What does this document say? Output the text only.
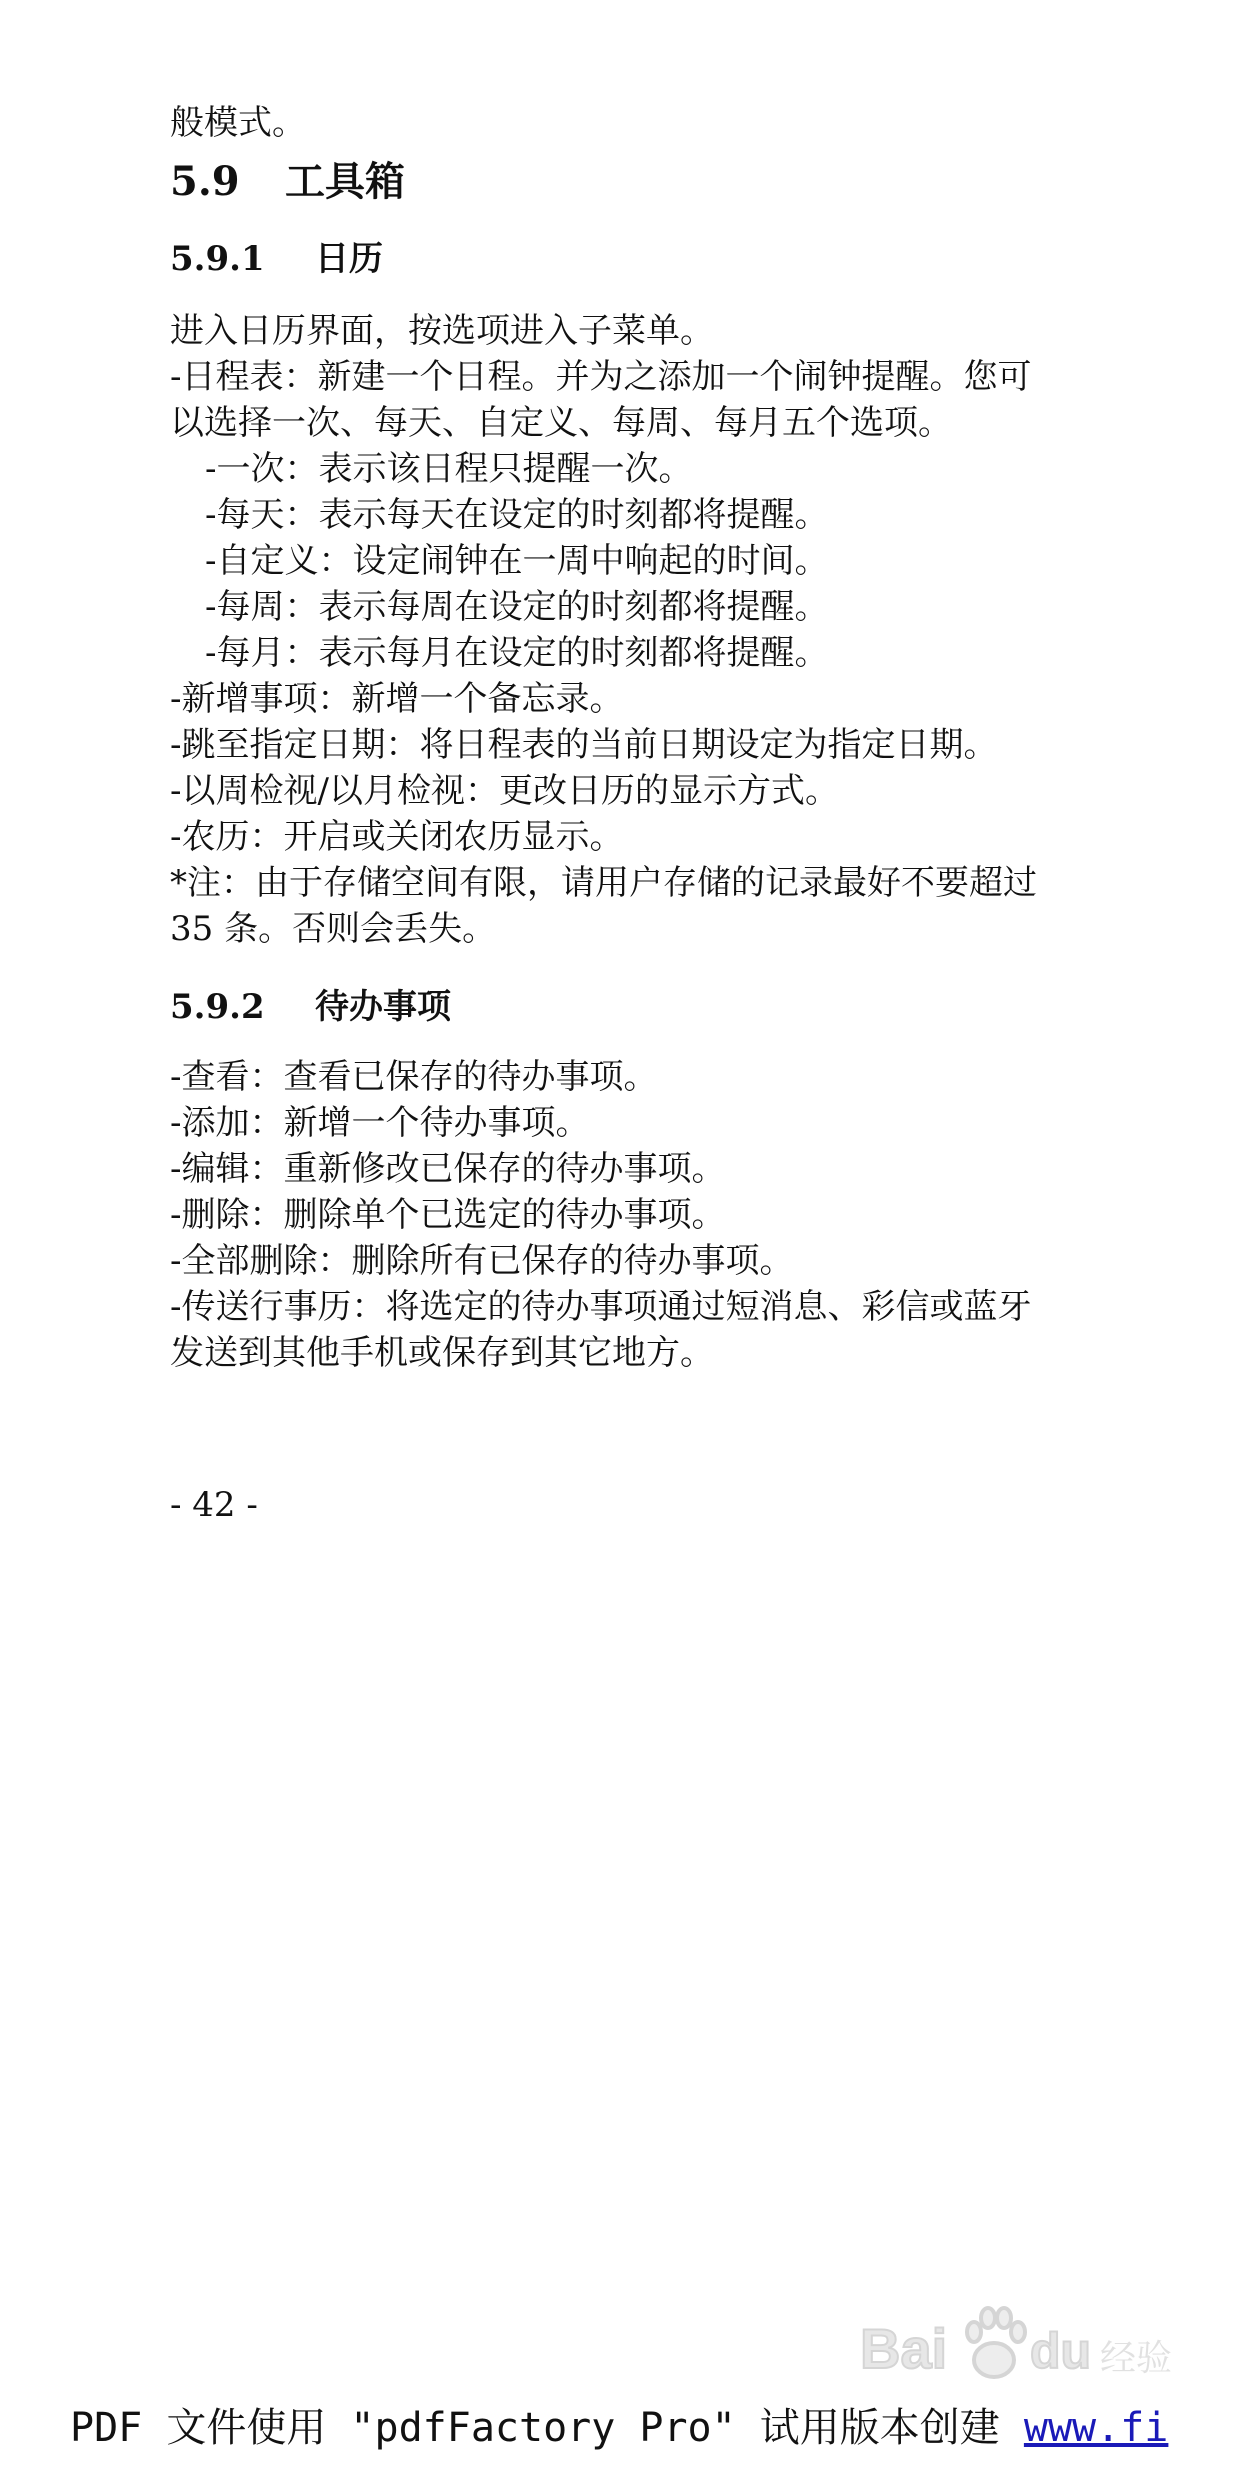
般模式。
5.9 工具箱
5.9.1 日历
进入日历界面，按选项进入子菜单。
-日程表：新建一个日程。并为之添加一个闹钟提醒。您可
以选择一次、每天、自定义、每周、每月五个选项。
-一次：表示该日程只提醒一次。
-每天：表示每天在设定的时刻都将提醒。
-自定义：设定闹钟在一周中响起的时间。
-每周：表示每周在设定的时刻都将提醒。
-每月：表示每月在设定的时刻都将提醒。
-新增事项：新增一个备忘录。
-跳至指定日期：将日程表的当前日期设定为指定日期。
-以周检视/以月检视：更改日历的显示方式。
-农历：开启或关闭农历显示。
*注：由于存储空间有限，请用户存储的记录最好不要超过
35 条。否则会丢失。
5.9.2 待办事项
-查看：查看已保存的待办事项。
-添加：新增一个待办事项。
-编辑：重新修改已保存的待办事项。
-删除：删除单个已选定的待办事项。
-全部删除：删除所有已保存的待办事项。
-传送行事历：将选定的待办事项通过短消息、彩信或蓝牙
发送到其他手机或保存到其它地方。
- 42 -
Bai du 经验
PDF 文件使用 "pdfFactory Pro" 试用版本创建 www.fi
